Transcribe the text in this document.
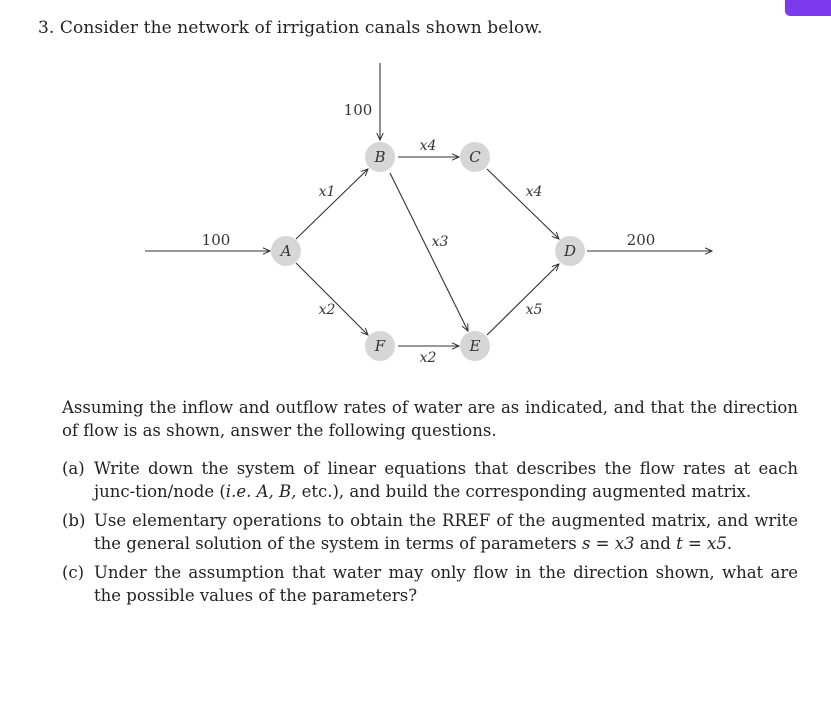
3. Consider the network of irrigation canals shown below.
A
B	C
D
E
F
100
100
200
x1
x2
x4
x3
x4
x5
x2
Assuming the inflow and outflow rates of water are as indicated, and that the direction of flow is as shown, answer the following questions.
(a) Write down the system of linear equations that describes the flow rates at each junc-tion/node (i.e. A, B, etc.), and build the corresponding augmented matrix.
(b) Use elementary operations to obtain the RREF of the augmented matrix, and write the general solution of the system in terms of parameters s = x3 and t = x5.
(c) Under the assumption that water may only flow in the direction shown, what are the possible values of the parameters?
